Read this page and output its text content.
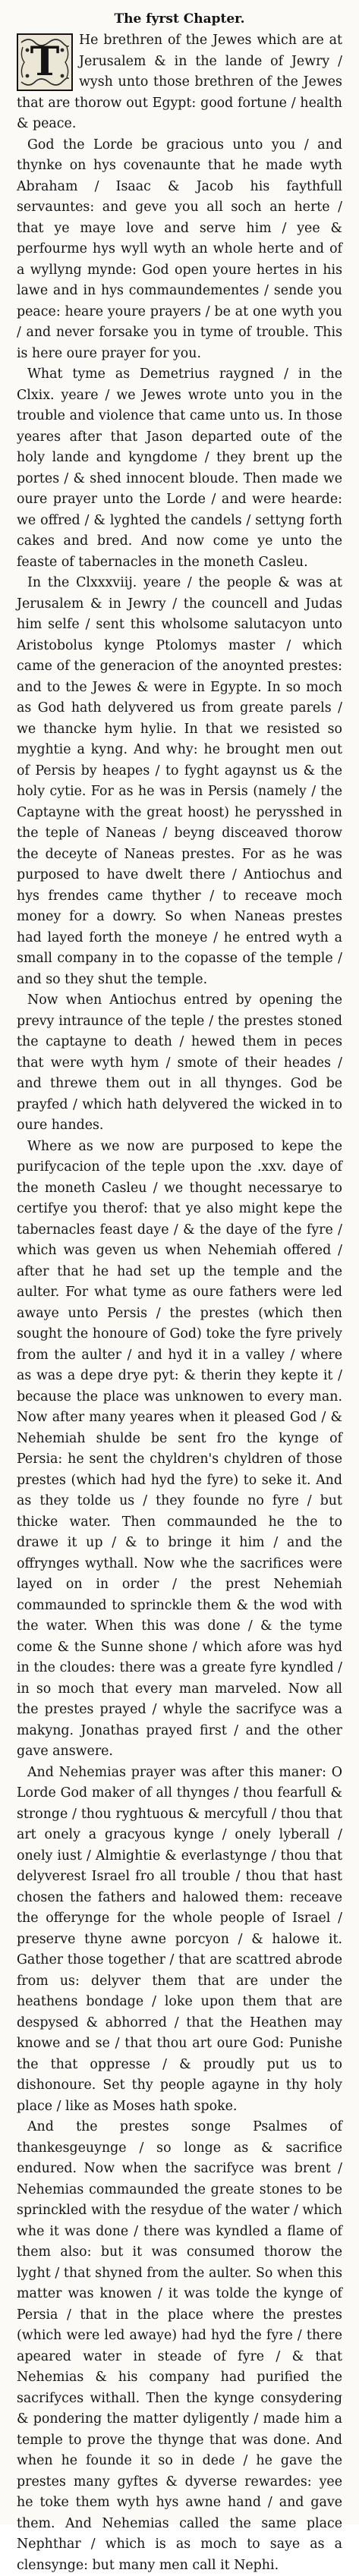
The fyrst Chapter.
T	He brethren of the Jewes which are at Jerusalem & in the lande of Jewry / wysh unto those brethren of the Jewes that are thorow out Egypt: good fortune / health & peace.

God the Lorde be gracious unto you / and thynke on hys covenaunte that he made wyth Abraham / Isaac & Jacob his faythfull servauntes: and geve you all soch an herte / that ye maye love and serve him / yee & perfourme hys wyll wyth an whole herte and of a wyllyng mynde: God open youre hertes in his lawe and in hys commaundementes / sende you peace: heare youre prayers / be at one wyth you / and never forsake you in tyme of trouble. This is here oure prayer for you.

What tyme as Demetrius raygned / in the Clxix. yeare / we Jewes wrote unto you in the trouble and violence that came unto us. In those yeares after that Jason departed oute of the holy lande and kyngdome / they brent up the portes / & shed innocent bloude. Then made we oure prayer unto the Lorde / and were hearde: we offred / & lyghted the candels / settyng forth cakes and bred. And now come ye unto the feaste of tabernacles in the moneth Casleu.

In the Clxxxviij. yeare / the people & was at Jerusalem & in Jewry / the councell and Judas him selfe / sent this wholsome salutacyon unto Aristobolus kynge Ptolomys master / which came of the generacion of the anoynted prestes: and to the Jewes & were in Egypte. In so moch as God hath delyvered us from greate parels / we thancke hym hylie. In that we resisted so myghtie a kyng. And why: he brought men out of Persis by heapes / to fyght agaynst us & the holy cytie. For as he was in Persis (namely / the Captayne with the great hoost) he perysshed in the teple of Naneas / beyng disceaved thorow the deceyte of Naneas prestes. For as he was purposed to have dwelt there / Antiochus and hys frendes came thyther / to receave moch money for a dowry. So when Naneas prestes had layed forth the moneye / he entred wyth a small company in to the copasse of the temple / and so they shut the temple.

Now when Antiochus entred by opening the prevy intraunce of the teple / the prestes stoned the captayne to death / hewed them in peces that were wyth hym / smote of their heades / and threwe them out in all thynges. God be prayfed / which hath delyvered the wicked in to oure handes.

Where as we now are purposed to kepe the purifycacion of the teple upon the .xxv. daye of the moneth Casleu / we thought necessarye to certifye you therof: that ye also might kepe the tabernacles feast daye / & the daye of the fyre / which was geven us when Nehemiah offered / after that he had set up the temple and the aulter. For what tyme as oure fathers were led awaye unto Persis / the prestes (which then sought the honoure of God) toke the fyre prively from the aulter / and hyd it in a valley / where as was a depe drye pyt: & therin they kepte it / because the place was unknowen to every man. Now after many yeares when it pleased God / & Nehemiah shulde be sent fro the kynge of Persia: he sent the chyldren's chyldren of those prestes (which had hyd the fyre) to seke it. And as they tolde us / they founde no fyre / but thicke water. Then commaunded he the to drawe it up / & to bringe it him / and the offrynges wythall. Now whe the sacrifices were layed on in order / the prest Nehemiah commaunded to sprinckle them & the wod with the water. When this was done / & the tyme come & the Sunne shone / which afore was hyd in the cloudes: there was a greate fyre kyndled / in so moch that every man marveled. Now all the prestes prayed / whyle the sacrifyce was a makyng. Jonathas prayed first / and the other gave answere.

And Nehemias prayer was after this maner: O Lorde God maker of all thynges / thou fearfull & stronge / thou ryghtuous & mercyfull / thou that art onely a gracyous kynge / onely lyberall / onely iust / Almightie & everlastynge / thou that delyverest Israel fro all trouble / thou that hast chosen the fathers and halowed them: receave the offerynge for the whole people of Israel / preserve thyne awne porcyon / & halowe it. Gather those together / that are scattred abrode from us: delyver them that are under the heathens bondage / loke upon them that are despysed & abhorred / that the Heathen may knowe and se / that thou art oure God: Punishe the that oppresse / & proudly put us to dishonoure. Set thy people agayne in thy holy place / like as Moses hath spoke.

And the prestes songe Psalmes of thankesgeuynge / so longe as & sacrifice endured. Now when the sacrifyce was brent / Nehemias commaunded the greate stones to be sprinckled with the resydue of the water / which whe it was done / there was kyndled a flame of them also: but it was consumed thorow the lyght / that shyned from the aulter. So when this matter was knowen / it was tolde the kynge of Persia / that in the place where the prestes (which were led awaye) had hyd the fyre / there apeared water in steade of fyre / & that Nehemias & his company had purified the sacrifyces withall. Then the kynge consydering & pondering the matter dyligently / made him a temple to prove the thynge that was done. And when he founde it so in dede / he gave the prestes many gyftes & dyverse rewardes: yee he toke them wyth hys awne hand / and gave them. And Nehemias called the same place Nephthar / which is as moch to saye as a clensynge: but many men call it Nephi.
